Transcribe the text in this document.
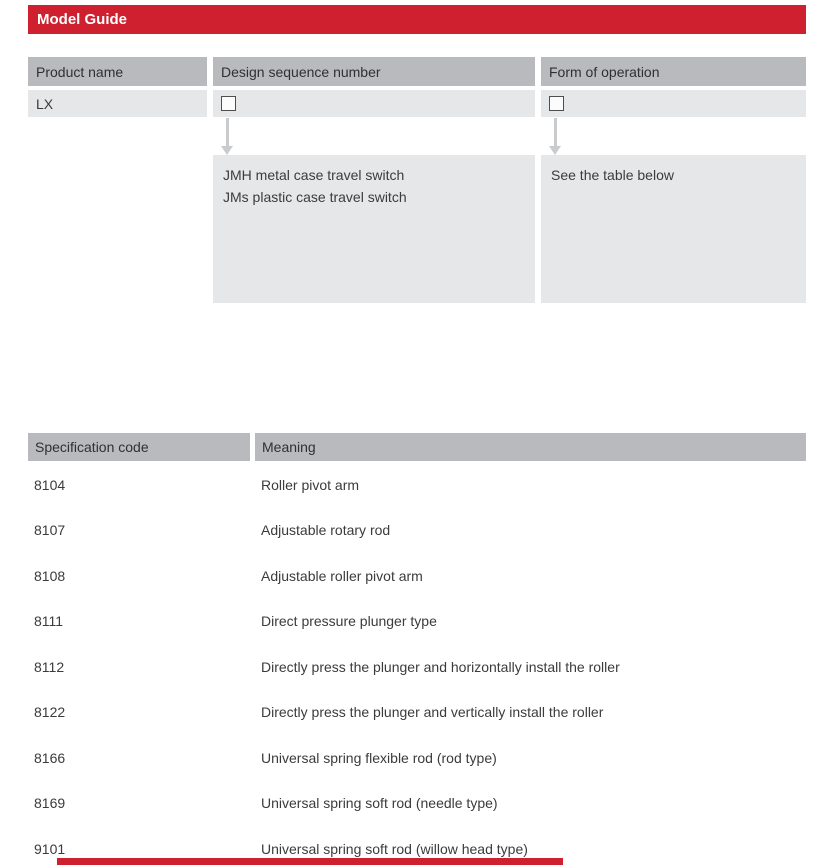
Model Guide
Product name	Design sequence number	Form of operation
LX
JMH metal case travel switch
JMs plastic case travel switch
See the table below
Specification code	Meaning
8104	Roller pivot arm
8107	Adjustable rotary rod
8108	Adjustable roller pivot arm
8111	Direct pressure plunger type
8112	Directly press the plunger and horizontally install the roller
8122	Directly press the plunger and vertically install the roller
8166	Universal spring flexible rod (rod type)
8169	Universal spring soft rod (needle type)
9101	Universal spring soft rod (willow head type)
